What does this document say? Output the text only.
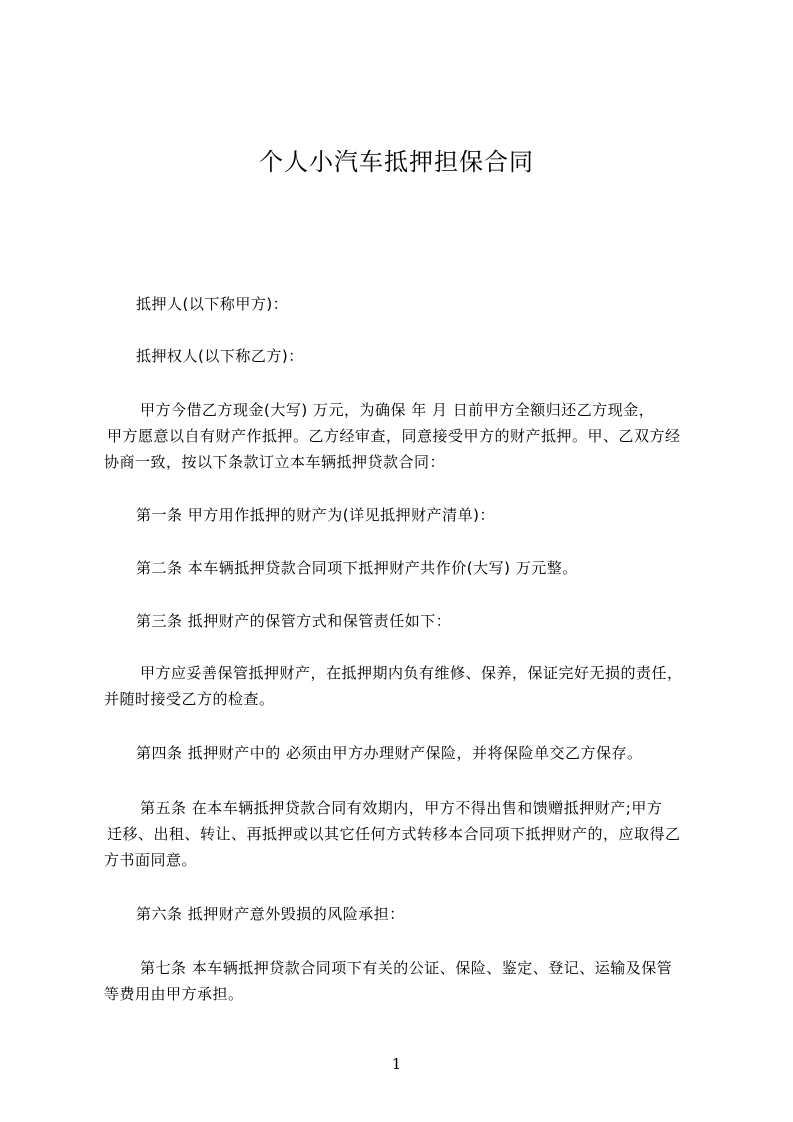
个人小汽车抵押担保合同
抵押人(以下称甲方)：
抵押权人(以下称乙方)：
甲方今借乙方现金(大写) 万元，为确保 年 月 日前甲方全额归还乙方现金，
甲方愿意以自有财产作抵押。乙方经审查，同意接受甲方的财产抵押。甲、乙双方经
协商一致，按以下条款订立本车辆抵押贷款合同：
第一条 甲方用作抵押的财产为(详见抵押财产清单)：
第二条 本车辆抵押贷款合同项下抵押财产共作价(大写) 万元整。
第三条 抵押财产的保管方式和保管责任如下：
甲方应妥善保管抵押财产，在抵押期内负有维修、保养，保证完好无损的责任，
并随时接受乙方的检查。
第四条 抵押财产中的 必须由甲方办理财产保险，并将保险单交乙方保存。
第五条 在本车辆抵押贷款合同有效期内，甲方不得出售和馈赠抵押财产;甲方
迁移、出租、转让、再抵押或以其它任何方式转移本合同项下抵押财产的，应取得乙
方书面同意。
第六条 抵押财产意外毁损的风险承担：
第七条 本车辆抵押贷款合同项下有关的公证、保险、鉴定、登记、运输及保管
等费用由甲方承担。
1
